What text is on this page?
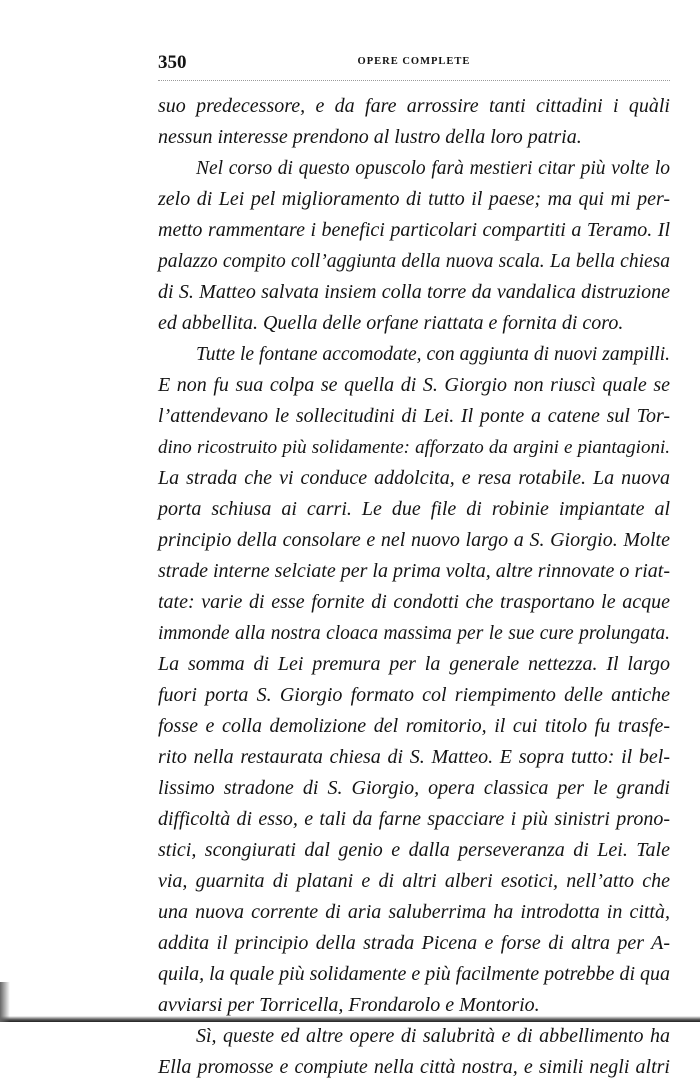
350	OPERE COMPLETE
suo predecessore, e da fare arrossire tanti cittadini i quàli
nessun interesse prendono al lustro della loro patria.
Nel corso di questo opuscolo farà mestieri citar più volte lo
zelo di Lei pel miglioramento di tutto il paese; ma qui mi per-
metto rammentare i benefici particolari compartiti a Teramo. Il
palazzo compito coll’aggiunta della nuova scala. La bella chiesa
di S. Matteo salvata insiem colla torre da vandalica distruzione
ed abbellita. Quella delle orfane riattata e fornita di coro.
Tutte le fontane accomodate, con aggiunta di nuovi zampilli.
E non fu sua colpa se quella di S. Giorgio non riuscì quale se
l’attendevano le sollecitudini di Lei. Il ponte a catene sul Tor-
dino ricostruito più solidamente: afforzato da argini e piantagioni.
La strada che vi conduce addolcita, e resa rotabile. La nuova
porta schiusa ai carri. Le due file di robinie impiantate al
principio della consolare e nel nuovo largo a S. Giorgio. Molte
strade interne selciate per la prima volta, altre rinnovate o riat-
tate: varie di esse fornite di condotti che trasportano le acque
immonde alla nostra cloaca massima per le sue cure prolungata.
La somma di Lei premura per la generale nettezza. Il largo
fuori porta S. Giorgio formato col riempimento delle antiche
fosse e colla demolizione del romitorio, il cui titolo fu trasfe-
rito nella restaurata chiesa di S. Matteo. E sopra tutto: il bel-
lissimo stradone di S. Giorgio, opera classica per le grandi
difficoltà di esso, e tali da farne spacciare i più sinistri prono-
stici, scongiurati dal genio e dalla perseveranza di Lei. Tale
via, guarnita di platani e di altri alberi esotici, nell’atto che
una nuova corrente di aria saluberrima ha introdotta in città,
addita il principio della strada Picena e forse di altra per A-
quila, la quale più solidamente e più facilmente potrebbe di qua
avviarsi per Torricella, Frondarolo e Montorio.
Sì, queste ed altre opere di salubrità e di abbellimento ha
Ella promosse e compiute nella città nostra, e simili negli altri
